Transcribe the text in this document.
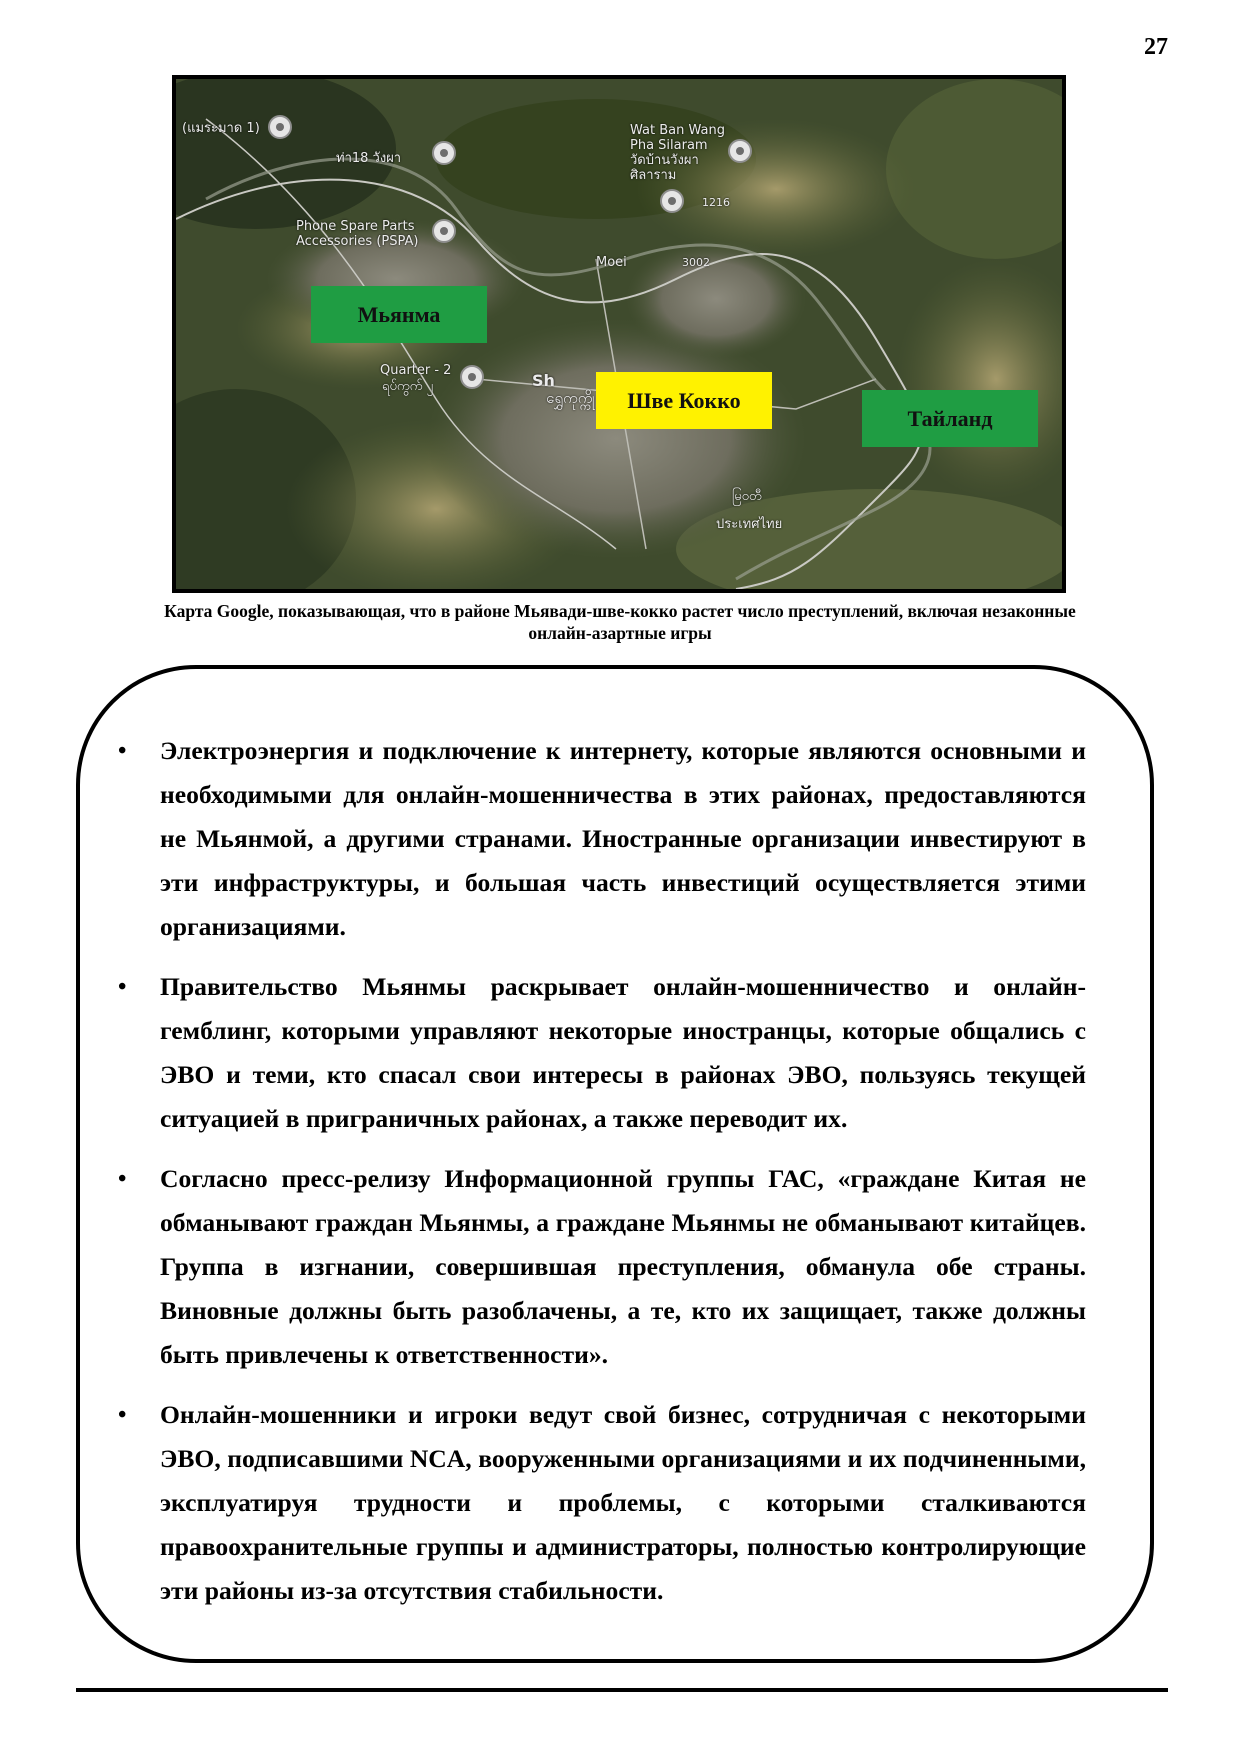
27
(แมระมาด 1)
ท่า18 วังผา
Wat Ban Wang
Pha Silaram
วัดบ้านวังผา
ศิลาราม
Phone Spare Parts
Accessories (PSPA)
1216
3002
Moei
Quarter - 2
ရပ်ကွက် ၂	Sh
ရွှေကုက္ကို
မြဝတီ
ประเทศไทย
Мьянма
Шве Кокко
Тайланд
Карта Google, показывающая, что в районе Мьявади-шве-кокко растет число преступлений, включая незаконные онлайн-азартные игры
• Электроэнергия и подключение к интернету, которые являются основными и необходимыми для онлайн-мошенничества в этих районах, предоставляются не Мьянмой, а другими странами. Иностранные организации инвестируют в эти инфраструктуры, и большая часть инвестиций осуществляется этими организациями.
• Правительство Мьянмы раскрывает онлайн-мошенничество и онлайн-гемблинг, которыми управляют некоторые иностранцы, которые общались с ЭВО и теми, кто спасал свои интересы в районах ЭВО, пользуясь текущей ситуацией в приграничных районах, а также переводит их.
• Согласно пресс-релизу Информационной группы ГАС, «граждане Китая не обманывают граждан Мьянмы, а граждане Мьянмы не обманывают китайцев. Группа в изгнании, совершившая преступления, обманула обе страны. Виновные должны быть разоблачены, а те, кто их защищает, также должны быть привлечены к ответственности».
• Онлайн-мошенники и игроки ведут свой бизнес, сотрудничая с некоторыми ЭВО, подписавшими NCA, вооруженными организациями и их подчиненными, эксплуатируя трудности и проблемы, с которыми сталкиваются правоохранительные группы и администраторы, полностью контролирующие эти районы из-за отсутствия стабильности.
